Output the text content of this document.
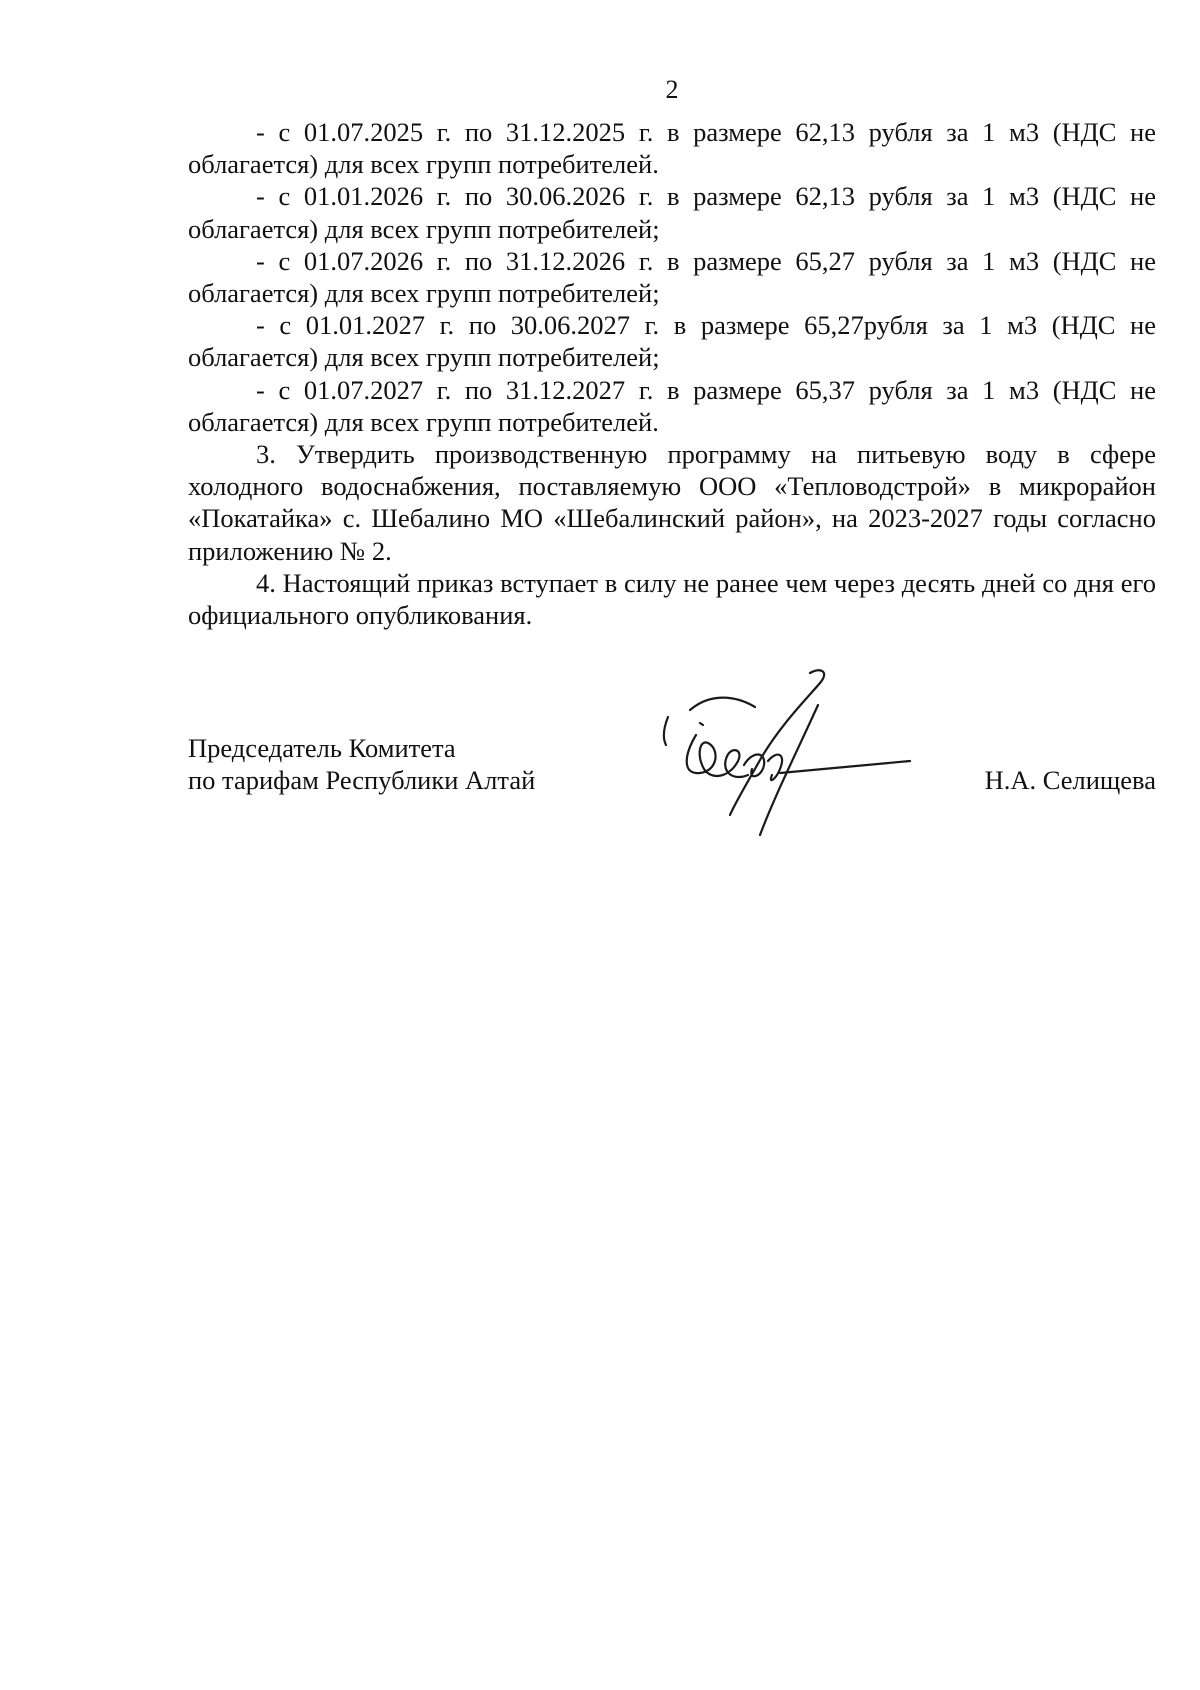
2

- с 01.07.2025 г. по 31.12.2025 г. в размере 62,13 рубля за 1 м3 (НДС не облагается) для всех групп потребителей.

- с 01.01.2026 г. по 30.06.2026 г. в размере 62,13 рубля за 1 м3 (НДС не облагается) для всех групп потребителей;

- с 01.07.2026 г. по 31.12.2026 г. в размере 65,27 рубля за 1 м3 (НДС не облагается) для всех групп потребителей;

- с 01.01.2027 г. по 30.06.2027 г. в размере 65,27рубля за 1 м3 (НДС не облагается) для всех групп потребителей;

- с 01.07.2027 г. по 31.12.2027 г. в размере 65,37 рубля за 1 м3 (НДС не облагается) для всех групп потребителей.

3. Утвердить производственную программу на питьевую воду в сфере холодного водоснабжения, поставляемую ООО «Тепловодстрой» в микрорайон «Покатайка» с. Шебалино МО «Шебалинский район», на 2023-2027 годы согласно приложению № 2.

4. Настоящий приказ вступает в силу не ранее чем через десять дней со дня его официального опубликования.

Председатель Комитета
по тарифам Республики Алтай	Н.А. Селищева
